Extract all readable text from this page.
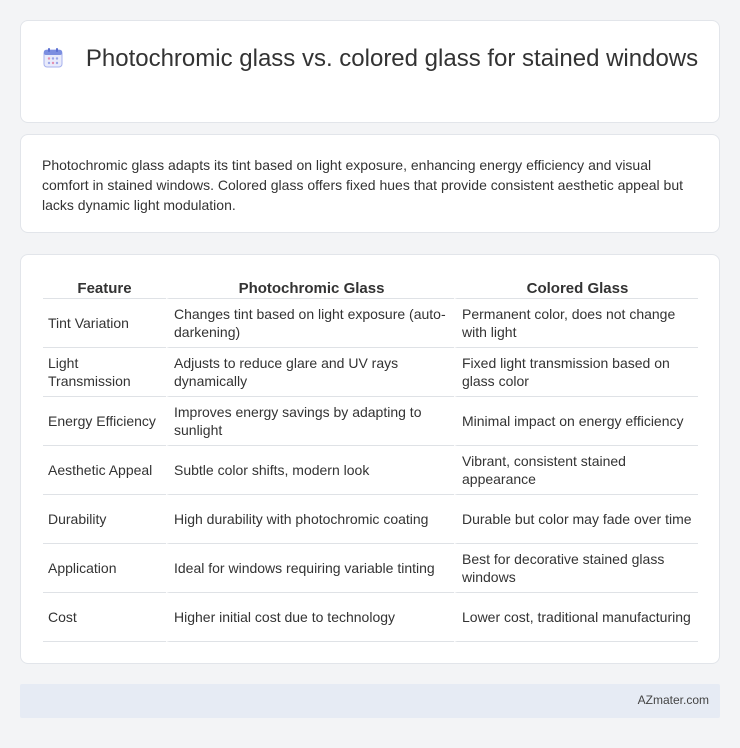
Photochromic glass vs. colored glass for stained windows

Photochromic glass adapts its tint based on light exposure, enhancing energy efficiency and visual comfort in stained windows. Colored glass offers fixed hues that provide consistent aesthetic appeal but lacks dynamic light modulation.

Feature	Photochromic Glass	Colored Glass
Tint Variation	Changes tint based on light exposure (auto-darkening)	Permanent color, does not change with light
Light Transmission	Adjusts to reduce glare and UV rays dynamically	Fixed light transmission based on glass color
Energy Efficiency	Improves energy savings by adapting to sunlight	Minimal impact on energy efficiency
Aesthetic Appeal	Subtle color shifts, modern look	Vibrant, consistent stained appearance
Durability	High durability with photochromic coating	Durable but color may fade over time
Application	Ideal for windows requiring variable tinting	Best for decorative stained glass windows
Cost	Higher initial cost due to technology	Lower cost, traditional manufacturing
AZmater.com
